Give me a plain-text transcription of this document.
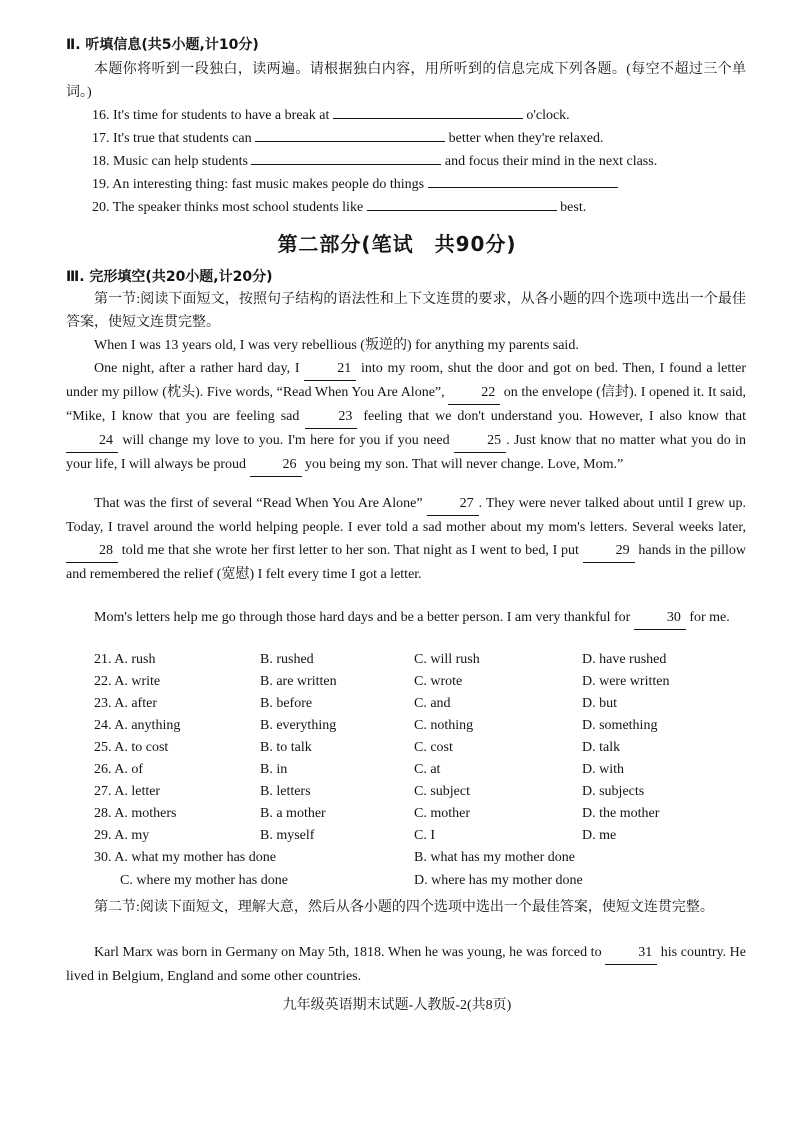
Ⅱ. 听填信息(共5小题,计10分)
本题你将听到一段独白，读两遍。请根据独白内容，用所听到的信息完成下列各题。(每空不超过三个单词。)
16. It's time for students to have a break at	o'clock.
17. It's true that students can	better when they're relaxed.
18. Music can help students	and focus their mind in the next class.
19. An interesting thing: fast music makes people do things
20. The speaker thinks most school students like	best.
第二部分(笔试　共90分)
Ⅲ. 完形填空(共20小题,计20分)
第一节:阅读下面短文，按照句子结构的语法性和上下文连贯的要求，从各小题的四个选项中选出一个最佳答案，使短文连贯完整。
When I was 13 years old, I was very rebellious (叛逆的) for anything my parents said.
One night, after a rather hard day, I	21 into my room, shut the door and got on bed. Then, I found a letter under my pillow (枕头). Five words, “Read When You Are Alone”,	22 on the envelope (信封). I opened it. It said, “Mike, I know that you are feeling sad	23 feeling that we don't understand you. However, I also know that 24 will change my love to you. I'm here for you if you need	25 . Just know that no matter what you do in your life, I will always be proud	26 you being my son. That will never change. Love, Mom.”
That was the first of several “Read When You Are Alone”	27 . They were never talked about until I grew up. Today, I travel around the world helping people. I ever told a sad mother about my mom's letters. Several weeks later, 28 told me that she wrote her first letter to her son. That night as I went to bed, I put	29 hands in the pillow and remembered the relief (宽慰) I felt every time I got a letter.
Mom's letters help me go through those hard days and be a better person. I am very thankful for	30 for me.
21. A. rush	B. rushed	C. will rush	D. have rushed
22. A. write	B. are written	C. wrote	D. were written
23. A. after	B. before	C. and	D. but
24. A. anything	B. everything	C. nothing	D. something
25. A. to cost	B. to talk	C. cost	D. talk
26. A. of	B. in	C. at	D. with
27. A. letter	B. letters	C. subject	D. subjects
28. A. mothers	B. a mother	C. mother	D. the mother
29. A. my	B. myself	C. I	D. me
30. A. what my mother has done	B. what has my mother done
C. where my mother has done	D. where has my mother done
第二节:阅读下面短文，理解大意，然后从各小题的四个选项中选出一个最佳答案，使短文连贯完整。
Karl Marx was born in Germany on May 5th, 1818. When he was young, he was forced to	31 his country. He lived in Belgium, England and some other countries.
九年级英语期末试题-人教版-2(共8页)
